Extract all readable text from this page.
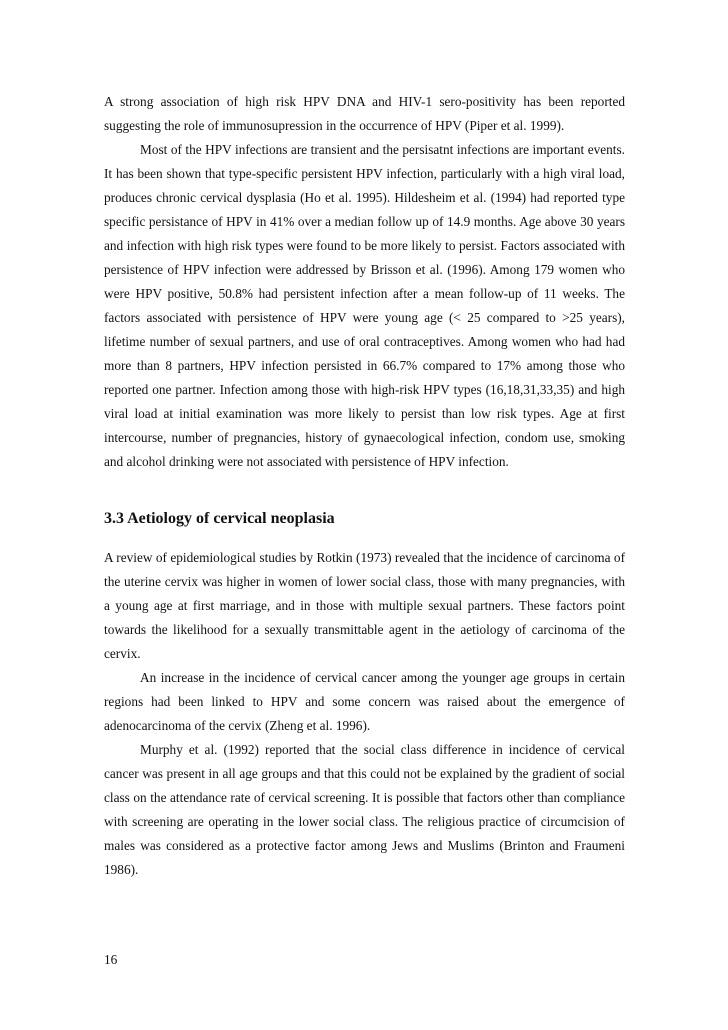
A strong association of high risk HPV DNA and HIV-1 sero-positivity has been reported suggesting the role of immunosupression in the occurrence of HPV (Piper et al. 1999).

Most of the HPV infections are transient and the persisatnt infections are important events. It has been shown that type-specific persistent HPV infection, particularly with a high viral load, produces chronic cervical dysplasia (Ho et al. 1995). Hildesheim et al. (1994) had reported type specific persistance of HPV in 41% over a median follow up of 14.9 months. Age above 30 years and infection with high risk types were found to be more likely to persist. Factors associated with persistence of HPV infection were addressed by Brisson et al. (1996). Among 179 women who were HPV positive, 50.8% had persistent infection after a mean follow-up of 11 weeks. The factors associated with persistence of HPV were young age (< 25 compared to >25 years), lifetime number of sexual partners, and use of oral contraceptives. Among women who had had more than 8 partners, HPV infection persisted in 66.7% compared to 17% among those who reported one partner. Infection among those with high-risk HPV types (16,18,31,33,35) and high viral load at initial examination was more likely to persist than low risk types. Age at first intercourse, number of pregnancies, history of gynaecological infection, condom use, smoking and alcohol drinking were not associated with persistence of HPV infection.

3.3 Aetiology of cervical neoplasia

A review of epidemiological studies by Rotkin (1973) revealed that the incidence of carcinoma of the uterine cervix was higher in women of lower social class, those with many pregnancies, with a young age at first marriage, and in those with multiple sexual partners. These factors point towards the likelihood for a sexually transmittable agent in the aetiology of carcinoma of the cervix.

An increase in the incidence of cervical cancer among the younger age groups in certain regions had been linked to HPV and some concern was raised about the emergence of adenocarcinoma of the cervix (Zheng et al. 1996).

Murphy et al. (1992) reported that the social class difference in incidence of cervical cancer was present in all age groups and that this could not be explained by the gradient of social class on the attendance rate of cervical screening. It is possible that factors other than compliance with screening are operating in the lower social class. The religious practice of circumcision of males was considered as a protective factor among Jews and Muslims (Brinton and Fraumeni 1986).

16
